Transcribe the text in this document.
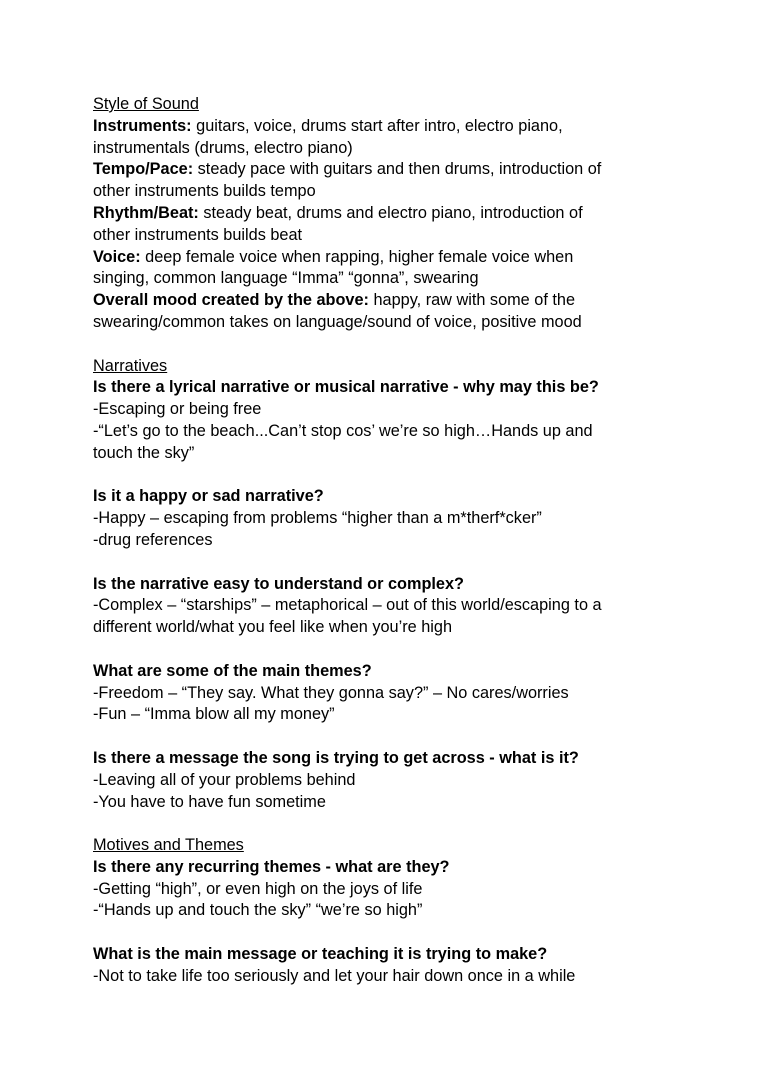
Style of Sound
Instruments: guitars, voice, drums start after intro, electro piano,
instrumentals (drums, electro piano)
Tempo/Pace: steady pace with guitars and then drums, introduction of
other instruments builds tempo
Rhythm/Beat: steady beat, drums and electro piano, introduction of
other instruments builds beat
Voice: deep female voice when rapping, higher female voice when
singing, common language “Imma” “gonna”, swearing
Overall mood created by the above: happy, raw with some of the
swearing/common takes on language/sound of voice, positive mood
Narratives
Is there a lyrical narrative or musical narrative - why may this be?
-Escaping or being free
-“Let’s go to the beach...Can’t stop cos’ we’re so high…Hands up and
touch the sky”
Is it a happy or sad narrative?
-Happy – escaping from problems “higher than a m*therf*cker”
-drug references
Is the narrative easy to understand or complex?
-Complex – “starships” – metaphorical – out of this world/escaping to a
different world/what you feel like when you’re high
What are some of the main themes?
-Freedom – “They say. What they gonna say?” – No cares/worries
-Fun – “Imma blow all my money”
Is there a message the song is trying to get across - what is it?
-Leaving all of your problems behind
-You have to have fun sometime
Motives and Themes
Is there any recurring themes - what are they?
-Getting “high”, or even high on the joys of life
-“Hands up and touch the sky” “we’re so high”
What is the main message or teaching it is trying to make?
-Not to take life too seriously and let your hair down once in a while
